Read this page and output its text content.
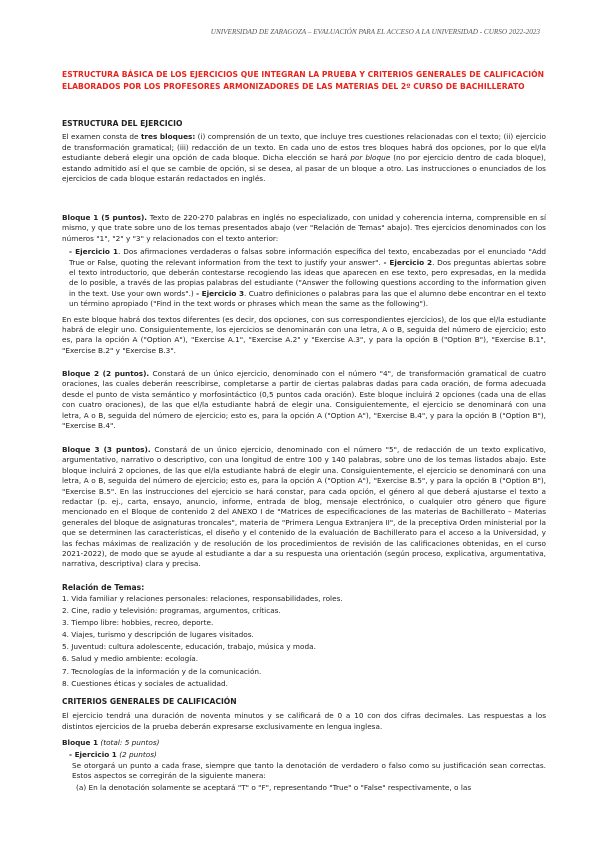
UNIVERSIDAD DE ZARAGOZA – EVALUACIÓN PARA EL ACCESO A LA UNIVERSIDAD - CURSO 2022-2023
ESTRUCTURA BÁSICA DE LOS EJERCICIOS QUE INTEGRAN LA PRUEBA Y CRITERIOS GENERALES DE CALIFICACIÓN ELABORADOS POR LOS PROFESORES ARMONIZADORES DE LAS MATERIAS DEL 2º CURSO DE BACHILLERATO
ESTRUCTURA DEL EJERCICIO
El examen consta de tres bloques: (i) comprensión de un texto, que incluye tres cuestiones relacionadas con el texto; (ii) ejercicio de transformación gramatical; (iii) redacción de un texto. En cada uno de estos tres bloques habrá dos opciones, por lo que el/la estudiante deberá elegir una opción de cada bloque. Dicha elección se hará por bloque (no por ejercicio dentro de cada bloque), estando admitido así el que se cambie de opción, si se desea, al pasar de un bloque a otro. Las instrucciones o enunciados de los ejercicios de cada bloque estarán redactados en inglés.
Bloque 1 (5 puntos). Texto de 220-270 palabras en inglés no especializado, con unidad y coherencia interna, comprensible en sí mismo, y que trate sobre uno de los temas presentados abajo (ver "Relación de Temas" abajo). Tres ejercicios denominados con los números "1", "2" y "3" y relacionados con el texto anterior:
- Ejercicio 1. Dos afirmaciones verdaderas o falsas sobre información específica del texto, encabezadas por el enunciado "Add True or False, quoting the relevant information from the text to justify your answer". - Ejercicio 2. Dos preguntas abiertas sobre el texto introductorio, que deberán contestarse recogiendo las ideas que aparecen en ese texto, pero expresadas, en la medida de lo posible, a través de las propias palabras del estudiante ("Answer the following questions according to the information given in the text. Use your own words".) - Ejercicio 3. Cuatro definiciones o palabras para las que el alumno debe encontrar en el texto un término apropiado ("Find in the text words or phrases which mean the same as the following").
En este bloque habrá dos textos diferentes (es decir, dos opciones, con sus correspondientes ejercicios), de los que el/la estudiante habrá de elegir uno. Consiguientemente, los ejercicios se denominarán con una letra, A o B, seguida del número de ejercicio; esto es, para la opción A ("Option A"), "Exercise A.1", "Exercise A.2" y "Exercise A.3", y para la opción B ("Option B"), "Exercise B.1", "Exercise B.2" y "Exercise B.3".
Bloque 2 (2 puntos). Constará de un único ejercicio, denominado con el número "4", de transformación gramatical de cuatro oraciones, las cuales deberán reescribirse, completarse a partir de ciertas palabras dadas para cada oración, de forma adecuada desde el punto de vista semántico y morfosintáctico (0,5 puntos cada oración). Este bloque incluirá 2 opciones (cada una de ellas con cuatro oraciones), de las que el/la estudiante habrá de elegir una. Consiguientemente, el ejercicio se denominará con una letra, A o B, seguida del número de ejercicio; esto es, para la opción A ("Option A"), "Exercise B.4", y para la opción B ("Option B"), "Exercise B.4".
Bloque 3 (3 puntos). Constará de un único ejercicio, denominado con el número "5", de redacción de un texto explicativo, argumentativo, narrativo o descriptivo, con una longitud de entre 100 y 140 palabras, sobre uno de los temas listados abajo. Este bloque incluirá 2 opciones, de las que el/la estudiante habrá de elegir una. Consiguientemente, el ejercicio se denominará con una letra, A o B, seguida del número de ejercicio; esto es, para la opción A ("Option A"), "Exercise B.5", y para la opción B ("Option B"), "Exercise B.5". En las instrucciones del ejercicio se hará constar, para cada opción, el género al que deberá ajustarse el texto a redactar (p. ej., carta, ensayo, anuncio, informe, entrada de blog, mensaje electrónico, o cualquier otro género que figure mencionado en el Bloque de contenido 2 del ANEXO I de "Matrices de especificaciones de las materias de Bachillerato – Materias generales del bloque de asignaturas troncales", materia de "Primera Lengua Extranjera II", de la preceptiva Orden ministerial por la que se determinen las características, el diseño y el contenido de la evaluación de Bachillerato para el acceso a la Universidad, y las fechas máximas de realización y de resolución de los procedimientos de revisión de las calificaciones obtenidas, en el curso 2021-2022), de modo que se ayude al estudiante a dar a su respuesta una orientación (según proceso, explicativa, argumentativa, narrativa, descriptiva) clara y precisa.
Relación de Temas:
1. Vida familiar y relaciones personales: relaciones, responsabilidades, roles.
2. Cine, radio y televisión: programas, argumentos, críticas.
3. Tiempo libre: hobbies, recreo, deporte.
4. Viajes, turismo y descripción de lugares visitados.
5. Juventud: cultura adolescente, educación, trabajo, música y moda.
6. Salud y medio ambiente: ecología.
7. Tecnologías de la información y de la comunicación.
8. Cuestiones éticas y sociales de actualidad.
CRITERIOS GENERALES DE CALIFICACIÓN
El ejercicio tendrá una duración de noventa minutos y se calificará de 0 a 10 con dos cifras decimales. Las respuestas a los distintos ejercicios de la prueba deberán expresarse exclusivamente en lengua inglesa.
Bloque 1 (total: 5 puntos)
- Ejercicio 1 (2 puntos)
Se otorgará un punto a cada frase, siempre que tanto la denotación de verdadero o falso como su justificación sean correctas. Estos aspectos se corregirán de la siguiente manera:
(a) En la denotación solamente se aceptará "T" o "F", representando "True" o "False" respectivamente, o las
